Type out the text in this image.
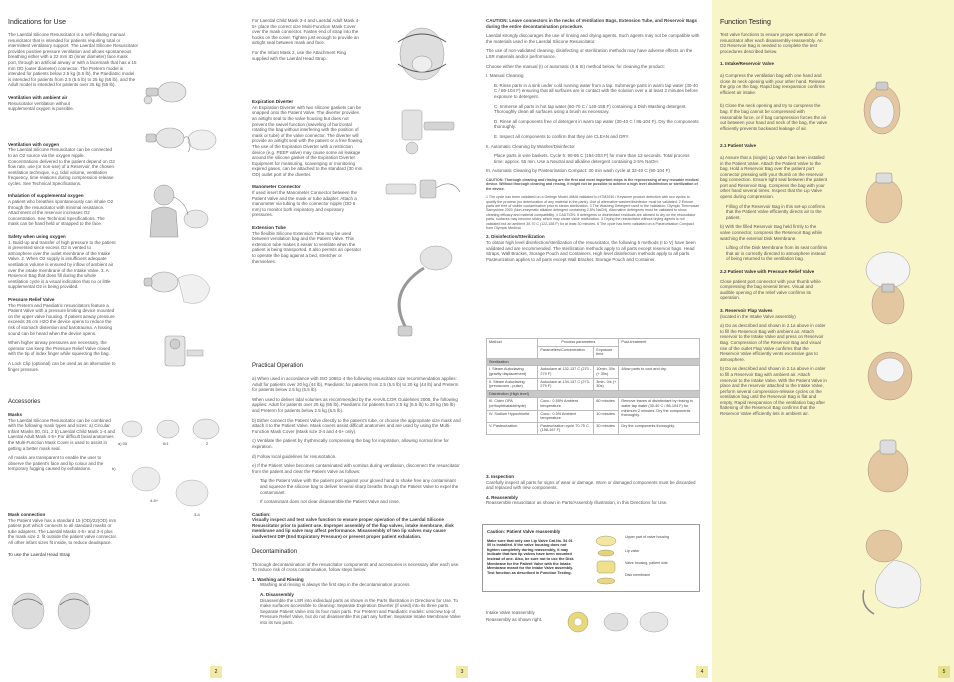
Indications for Use
The Laerdal Silicone Resuscitator is a self-inflating manual resuscitator that is intended for patients requiring total or intermittent ventilatory support. The Laerdal Silicone Resuscitator provides positive pressure ventilation and allows spontaneous breathing either with a 22 mm ID (inner diameter) face mask port, through an artificial airway or with a facemask that has a 15 mm OD (outer diameter) connector. The Preterm model is intended for patients below 2.5 kg (5.5 lb), the Paediatric model is intended for patients from 2.5 (5.5 lb) to 25 kg (55 lb), and the Adult model is intended for patients over 25 kg (55 lb).
Ventilation with ambient air
Resuscitator ventilation without supplemental oxygen is possible.
Ventilation with oxygen
The Laerdal Silicone Resuscitator can be connected to an O2 source via the oxygen nipple. Concentrations delivered to the patient depend on O2 flow rate, use (or non-use) of a Reservoir, the chosen ventilation technique, e.g. tidal volume, ventilation frequency, time relations during compression-release cycles. See Technical Specifications.
Inhalation of supplemental oxygen
A patient who breathes spontaneously can inhale O2 through the resuscitator with minimal resistance. Attachment of the reservoir increases O2 concentration. See Technical Specifications. The mask can be hand held or strapped to the face.
Safety when using oxygen
1. Build-up and transfer of high pressure to the patient is prevented since excess O2 is vented to atmosphere over the outlet membrane of the Intake Valve. 2. When O2 supply is insufficient adequate ventilation volume is ensured by inflow of ambient air over the intake membrane of the Intake Valve. 3. A Reservoir Bag that does fill during the whole ventilation cycle is a visual indication that no or little supplemental O2 is being provided.
Pressure Relief Valve
The Preterm and Paediatric resuscitators feature a Patient Valve with a pressure limiting device mounted on the upper valve housing. If patient airway pressure exceeds 35 cm H2O the device opens to reduce the risk of stomach distention and barotrauma. A hissing sound can be heard when the device opens.
When higher airway pressures are necessary, the operator can keep the Pressure Relief Valve closed with the tip of index finger while squeezing the bag.
A Lock Clip (optional) can be used as an alternative to finger pressure.
Accessories
Masks
The Laerdal Silicone Resuscitator can be combined with the following mask types and sizes: a) Circular Infant Masks 00, 0/1, 2 b) Laerdal Child Mask 1-4 and Laerdal Adult Mask 4-5+ For difficult facial anatomies the Multi-Function Mask Cover is used to assist in getting a better mask seal.
All masks are transparent to enable the user to observe the patient's face and lip colour and the temporary fogging caused by exhalations.
Mask connection
The Patient Valve has a standard 15 (OD)/22(OD) mm patient port which connects to all standard masks or tube adapters. The Laerdal Masks 4-5+ and 3-4 plus the mask size 2. fit outside the patient valve connector. All other infant sizes fit inside, to reduce deadspace.
To use the Laerdal Head Strap
a) 00	0/1	2
b)
4-5+
3-4
2
For Laerdal Child Mask 3-4 and Laerdal Adult Mask 4-5+ place the correct size Multi-Function Mask Cover over the mask connector. Fasten end of strap into the hooks on the cover. Tighten just enough to provide an airtight seal between mask and face.
For the Infant Mask 2, use the Attachment Ring supplied with the Laerdal Head Strap.
Expiration Diverter
An Expiration Diverter with two silicone gaskets can be snapped onto the Patient Valve. The diverter provides an airtight seal to the valve housing but does not prevent the swivel function (swiveling of horizontal rotating the bag without interfering with the position of mask or tube) of the valve connector. The diverter will provide an airtight seal with the patient or a free flowing. The use of the Expiration Diverter with a restriction device (e.g. PEEP valve) may cause some air leakage around the silicone gasket of the Expiration Diverter. Equipment for measuring, scavenging or monitoring expired gases, can be attached to the standard (30 mm OD) outlet port of the diverter.
Manometer Connector
If used insert the Manometer Connector between the Patient Valve and the mask or tube adapter. Attach a manometer via tubing to the connector nipple (OD 6 mm) to monitor both inspiratory and expiratory pressures.
Extension Tube
The flexible Silicone Extension Tube may be used between ventilation bag and the Patient Valve. This extension tube makes it easier to ventilate when the patient is being transported. It also permits an operator to operate the bag against a bed, stretcher or themselves.
Practical Operation
a) When used in accordance with ISO 10651-4 the following resuscitator size recommendation applies: Adult for patients over 20 kg (44 lb), Paediatric for patients from 2.5 (5.5 lb) to 20 kg (44 lb) and Preterm for patients below 2.5 kg (5.5 lb).
When used to deliver tidal volumes as recommended by the AHA/ILCOR Guidelines 2005, the following applies: Adult for patients over 25 kg (55 lb), Paediatric for patients from 2.5 kg (5.5 lb) to 25 kg (55 lb) and Preterm for patients below 2.5 kg (5.5 lb).
b) Either connect the Patient Valve directly to the patient's tube, or choose the appropriate size mask and attach it to the Patient Valve. Mask covers assist difficult anatomies and are used by using the Multi-Function Mask Cover (Mask size 3-4 and 4-5+ only).
c) Ventilate the patient by rhythmically compressing the bag for inspiration, allowing normal time for expiration.
d) Follow local guidelines for resuscitation.
e) If the Patient Valve becomes contaminated with vomitus during ventilation, disconnect the resuscitator from the patient and clear the Patient Valve as follows:
Tap the Patient Valve with the patient port against your gloved hand to shake free any contaminant and squeeze the silicone bag to deliver several sharp breaths through the Patient Valve to expel the contaminant.
If contaminant does not clear disassemble the Patient Valve and rinse.
Caution:
Visually inspect and test valve function to ensure proper operation of the Laerdal Silicone Resuscitator prior to patient use. Improper assembly of the flap valves, intake membrane, disk membrane and lip valve may affect performance. Misassembly of two lip valves may cause inadvertent DIP (End Expiratory Pressure) or prevent proper patient exhalation.
Decontamination
Thorough decontamination of the resuscitator components and accessories is necessary after each use. To reduce risk of cross contamination, follow steps below:
1. Washing and Rinsing
Washing and rinsing is always the first step in the decontamination process.
A. Disassembly
Disassemble the LSR into individual parts as shown in the Parts Illustration in Directions for Use. To make surfaces accessible to cleaning: Separate Expiration Diverter (if used) into its three parts. Separate Patient Valve into its four main parts. For Preterm and Paediatric models: unscrew top of Pressure Relief Valve, but do not disassemble this part any further. Separate Intake Membrane Valve into its two parts.
3
CAUTION: Leave connectors in the necks of Ventilation Bags, Extension Tube, and Reservoir Bags during the entire decontamination procedure.
Laerdal strongly discourages the use of rinsing and drying agents. Such agents may not be compatible with the materials used in the Laerdal Silicone Resuscitator.
The use of non-validated cleaning, disinfecting or sterilization methods may have adverse effects on the LSR materials and/or performance.
Choose either the manual (I) or automatic (II & III) method below, for cleaning the product:
I. Manual Cleaning
B. Rinse parts in a sink under cold running water from a tap. Submerge parts in warm tap water (30-40 C / 86-104 F) ensuring that all surfaces are in contact with the solution over a at least 2 minutes before exposure to detergent.
C. Immerse all parts in hot tap water (60-70 C / 140-158 F) containing a Dish Washing detergent. Thoroughly clean all surfaces using a brush as necessary.
D. Rinse all components free of detergent in warm tap water (30-40 C / 86-104 F). Dry the components thoroughly.
E. Inspect all components to confirm that they are CLEAN and DRY.
II. Automatic Cleaning by Washer/Disinfector
Place parts in wire baskets. Cycle 5: 90-95 C (194-203 F) for more than 12 seconds. Total process time: approx. 55 min. Use a Neutral and alkaline detergent containing 2-5% NaOH.
III. Automatic Cleaning by Pasteurisation Compact: 30 min wash cycle at 32-40 C (90-104 F)
CAUTION: Thorough cleaning and rinsing are the first and most important steps in the reprocessing of any reusable medical device. Without thorough cleaning and rinsing, it might not be possible to achieve a high level disinfection or sterilization of the device.
1 The cycle has been validated on a Getinge Model 46MA validated to HTM2030 / Keystone product detection with two cycles to qualify the process (no deterioration of any material in the parts). Use of alternative washer/disinfector must be validated. 2 Ensure parts are free of visible contamination prior to steam sterilization. 3 The Washing Detergent used in the validation: Olympic Thermosan Samyshine 2000 (Non-enzymatic alkaline detergent containing 2-5% NaOH). Alternative detergents must be validated to show cleaning efficacy and material compatibility. 4 CAUTION: If detergents or disinfectant residuals are allowed to dry on the resuscitator parts, surfaces may become sticky, which may cause valve malfunction. 5 Drying the resuscitator without drying agents is not validated but an ambient 30-70 C (122-158 F) for at least 30 minutes. 6 The cycle has been validated on a Pasteurisation Compact from Olympic Medical.
2. Disinfection/Sterilization
To obtain high level disinfection/sterilization of the resuscitator, the following 5 methods (I to V) have been validated and are recommended. The sterilization methods apply to all parts except reservoir bags. Head Straps, Wall Bracket, Storage Pouch and Containers. High level disinfection methods apply to all parts. Pasteurization applies to all parts except Wall Bracket, Storage Pouch and Container.
Method	Process parameters		Post-treatment
	Parameters/Concentration	Exposure time	
Sterilization			
I. Steam Autoclaving (gravity displacement)	Autoclave at 132-137 C (270 - 279 F)	10min. 30s (+ 30s)	Allow parts to cool and dry.
II. Steam Autoclaving (prevacuum - pulse)	Autoclave at 134-137 C (273-279 F)	3min. 0/s (+ 30s)	
Disinfection (High level)			
III. Cidex OPA (orthophthalaldehyde)	Conc.: 0.55% Ambient temperature	60 minutes	Remove traces of disinfectant by rinsing in water tap water (30-40 C / 86-104 F) for minimum 2 minutes. Dry the components thoroughly.
IV. Sodium Hypochlorite	Conc.: 0.5% Ambient temperature	10 minutes	
V. Pasteurization	Pasteurization cycle 70-75 C (158-167 F)	30 minutes	Dry the components thoroughly.
3. Inspection
Carefully inspect all parts for signs of wear or damage. Worn or damaged components must be discarded and replaced with new components.
4. Reassembly
Reassemble resuscitator as shown in Parts/Assembly Illustration, in this Directions for Use.
Caution: Patient Valve reassembly
Make sure that only one Lip Valve Cat.No. 54 01 00 is installed. If the valve housing does not tighten completely during reassembly, it may indicate that two lip valves have been mounted instead of one. Also, be sure not to use the Disk Membrane for the Patient Valve with the Intake Membrane meant for the Intake Valve assembly. Test function as described in Function Testing.
Upper part of valve housing
Lip valve
Valve housing, patient side
Disk membrane
Intake Valve reassembly
Reassembly as shown right.
4
Function Testing
Test valve functions to ensure proper operation of the resuscitator after each disassembly-reassembly. An O2 Reservoir Bag is needed to complete the test procedures described below.
1. Intake/Reservoir Valve
a) Compress the ventilation bag with one hand and close its neck opening with your other hand. Release the grip on the bag. Rapid bag reexpansion confirms efficient air intake.
b) Close the neck opening and try to compress the bag. If the bag cannot be compressed with reasonable force, or if bag compression forces the air out between your hand and neck of the bag, the valve efficiently prevents backward leakage of air.
2.1 Patient Valve
a) Assure that a (single) Lip Valve has been installed in the Patient Valve. Attach the Patient Valve to the bag. Hold a Reservoir Bag over the patient port connector pressing with your thumb on the reservoir bag connection. Ensure tight seal between the patient port and Reservoir Bag. Compress the bag with your other hand several times. Inspect that the Lip Valve opens during compression.
Filling of the Reservoir Bag in this set-up confirms that the Patient Valve efficiently directs air to the patient.
b) With the filled Reservoir Bag held firmly to the valve connector, compress the Reservoir Bag while watching the external Disk Membrane.
Lifting of the Disk Membrane from its seat confirms that air is correctly directed to atmosphere instead of being returned to the ventilation bag.
2.2 Patient Valve with Pressure Relief Valve
Close patient port connector with your thumb while compressing the bag several times. Visual and audible opening of the relief valve confirms its operation.
3. Reservoir Flap Valves
(located in the Intake Valve assembly)
a) Do as described and shown in 2.1a above in order to fill the Reservoir Bag with ambient air. Attach reservoir to the Intake Valve and press on Reservoir Bag. Compression of the Reservoir Bag and visual rise of the outlet Flap Valve confirms that the Reservoir Valve efficiently vents excessive gas to atmosphere.
b) Do as described and shown in 2.1a above in order to fill a Reservoir Bag with ambient air. Attach reservoir to the Intake Valve. With the Patient Valve in place and the reservoir attached to the Intake Valve, perform several compression-release cycles on the ventilation bag until the Reservoir Bag is flat and empty. Rapid reexpansion of the ventilation bag after flattening of the Reservoir Bag confirms that the Reservoir Valve efficiently lets in ambient air.
5
